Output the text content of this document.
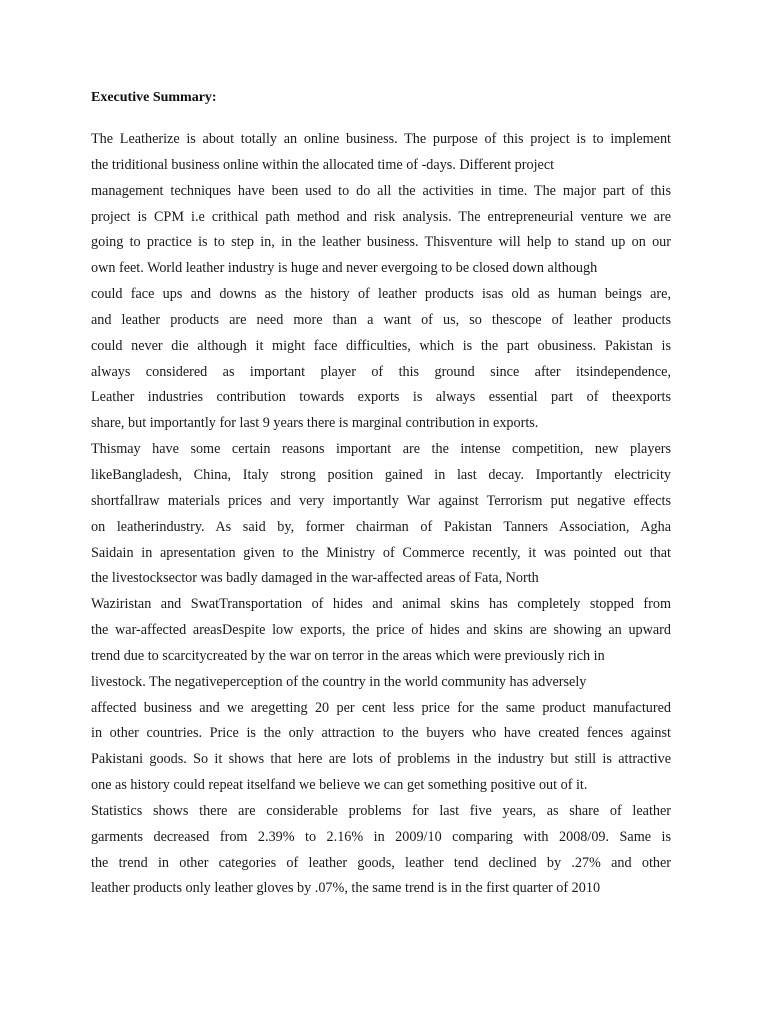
Executive Summary:
The Leatherize is about totally an online business. The purpose of this project is to implement
the triditional business online within the allocated time of -days. Different project
management techniques have been used to do all the activities in time. The major part of this
project is CPM i.e crithical path method and risk analysis. The entrepreneurial venture we are
going to practice is to step in, in the leather business. Thisventure will help to stand up on our
own feet. World leather industry is huge and never evergoing to be closed down although
could face ups and downs as the history of leather products isas old as human beings are,
and leather products are need more than a want of us, so thescope of leather products
could never die although it might face difficulties, which is the part obusiness. Pakistan is
always considered as important player of this ground since after itsindependence,
Leather industries contribution towards exports is always essential part of theexports
share, but importantly for last 9 years there is marginal contribution in exports.
Thismay have some certain reasons important are the intense competition, new players
likeBangladesh, China, Italy strong position gained in last decay. Importantly electricity
shortfallraw materials prices and very importantly War against Terrorism put negative effects
on leatherindustry. As said by, former chairman of Pakistan Tanners Association, Agha
Saidain in apresentation given to the Ministry of Commerce recently, it was pointed out that
the livestocksector was badly damaged in the war-affected areas of Fata, North
Waziristan and SwatTransportation of hides and animal skins has completely stopped from
the war-affected areasDespite low exports, the price of hides and skins are showing an upward
trend due to scarcitycreated by the war on terror in the areas which were previously rich in
livestock. The negativeperception of the country in the world community has adversely
affected business and we aregetting 20 per cent less price for the same product manufactured
in other countries. Price is the only attraction to the buyers who have created fences against
Pakistani goods. So it shows that here are lots of problems in the industry but still is attractive
one as history could repeat itselfand we believe we can get something positive out of it.
Statistics shows there are considerable problems for last five years, as share of leather
garments decreased from 2.39% to 2.16% in 2009/10 comparing with 2008/09. Same is
the trend in other categories of leather goods, leather tend declined by .27% and other
leather products only leather gloves by .07%, the same trend is in the first quarter of 2010
